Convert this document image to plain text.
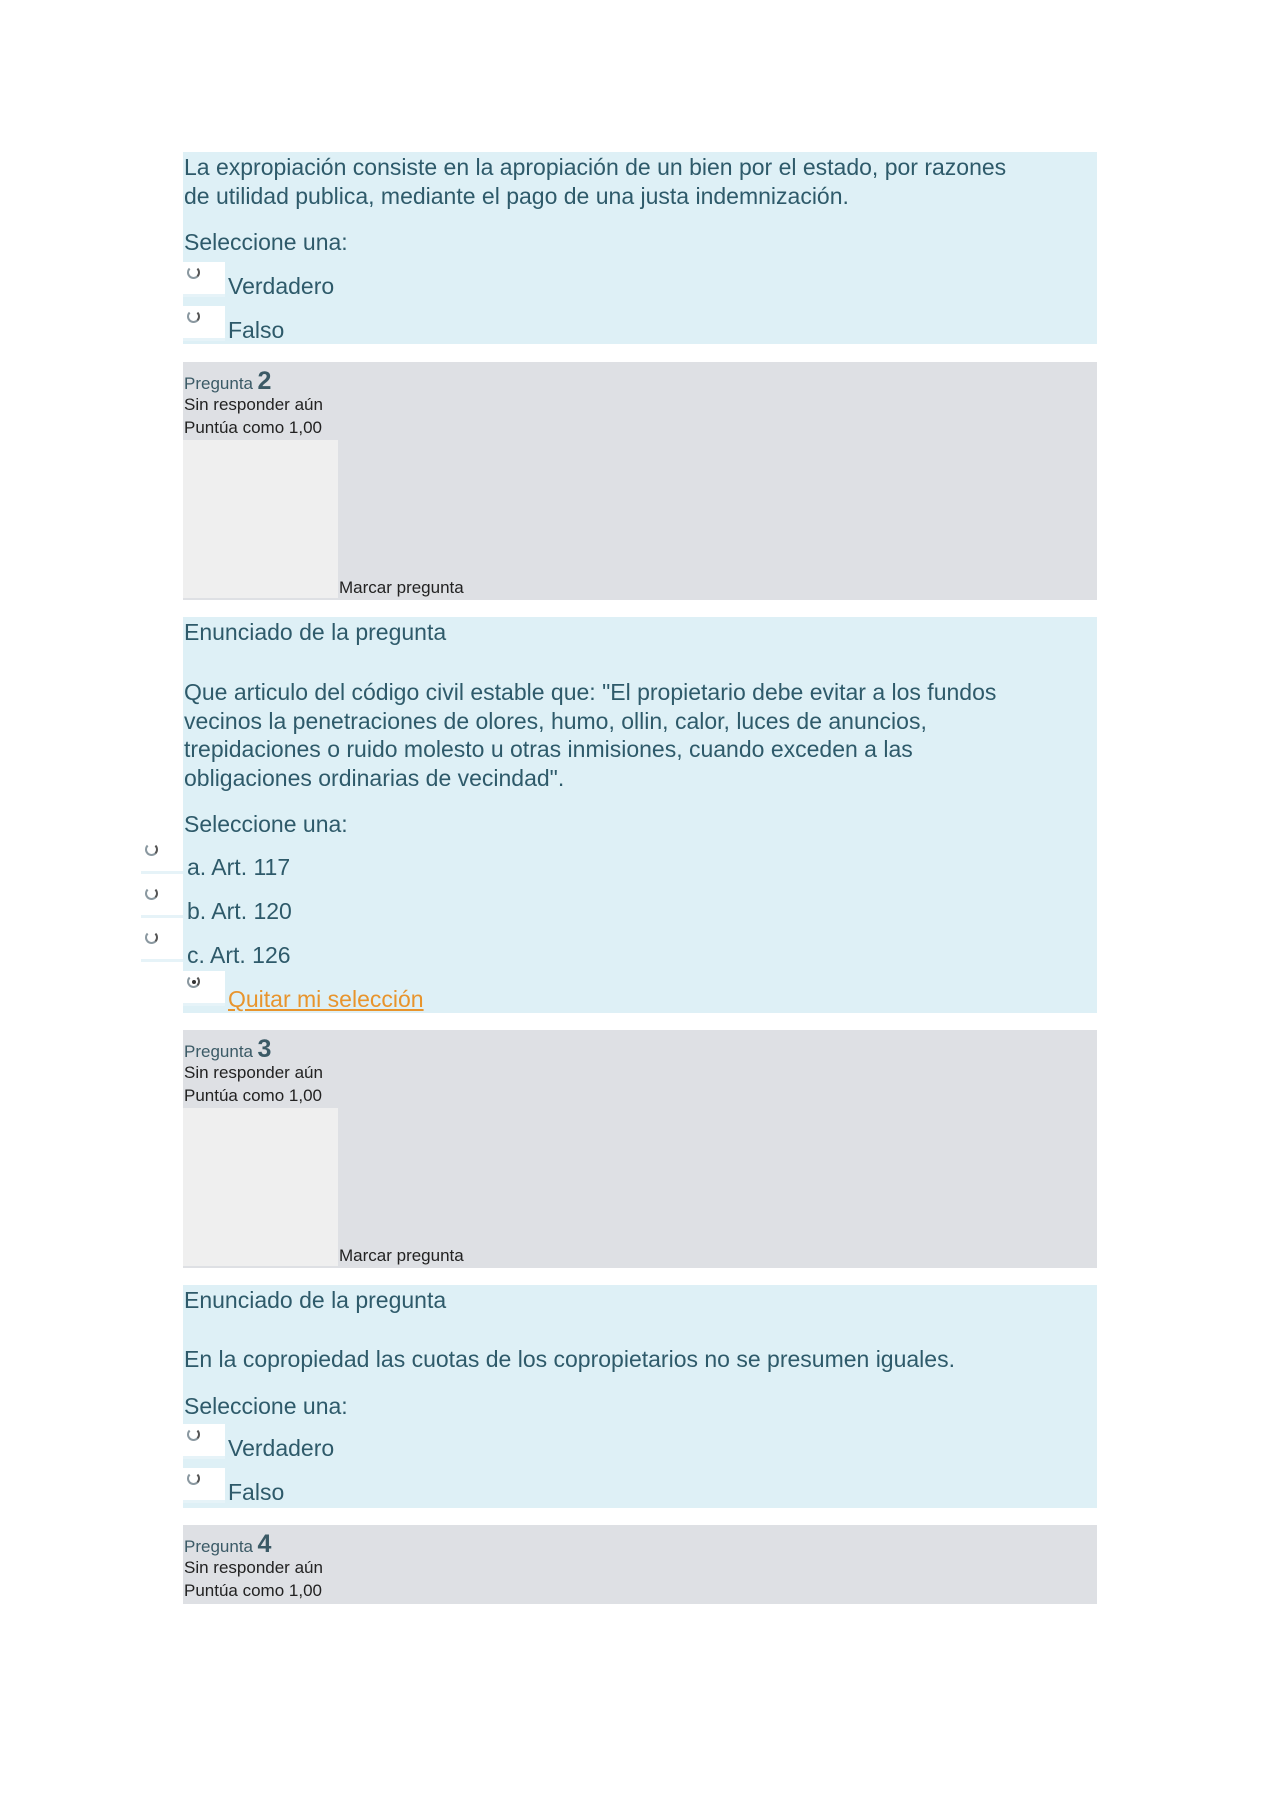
La expropiación consiste en la apropiación de un bien por el estado, por razones
de utilidad publica, mediante el pago de una justa indemnización.
Seleccione una:
Verdadero
Falso
Pregunta 2
Sin responder aún
Puntúa como 1,00
Marcar pregunta
Enunciado de la pregunta
Que articulo del código civil estable que: "El propietario debe evitar a los fundos
vecinos la penetraciones de olores, humo, ollin, calor, luces de anuncios,
trepidaciones o ruido molesto u otras inmisiones, cuando exceden a las
obligaciones ordinarias de vecindad".
Seleccione una:
a. Art. 117
b. Art. 120
c. Art. 126
Quitar mi selección
Pregunta 3
Sin responder aún
Puntúa como 1,00
Marcar pregunta
Enunciado de la pregunta
En la copropiedad las cuotas de los copropietarios no se presumen iguales.
Seleccione una:
Verdadero
Falso
Pregunta 4
Sin responder aún
Puntúa como 1,00
